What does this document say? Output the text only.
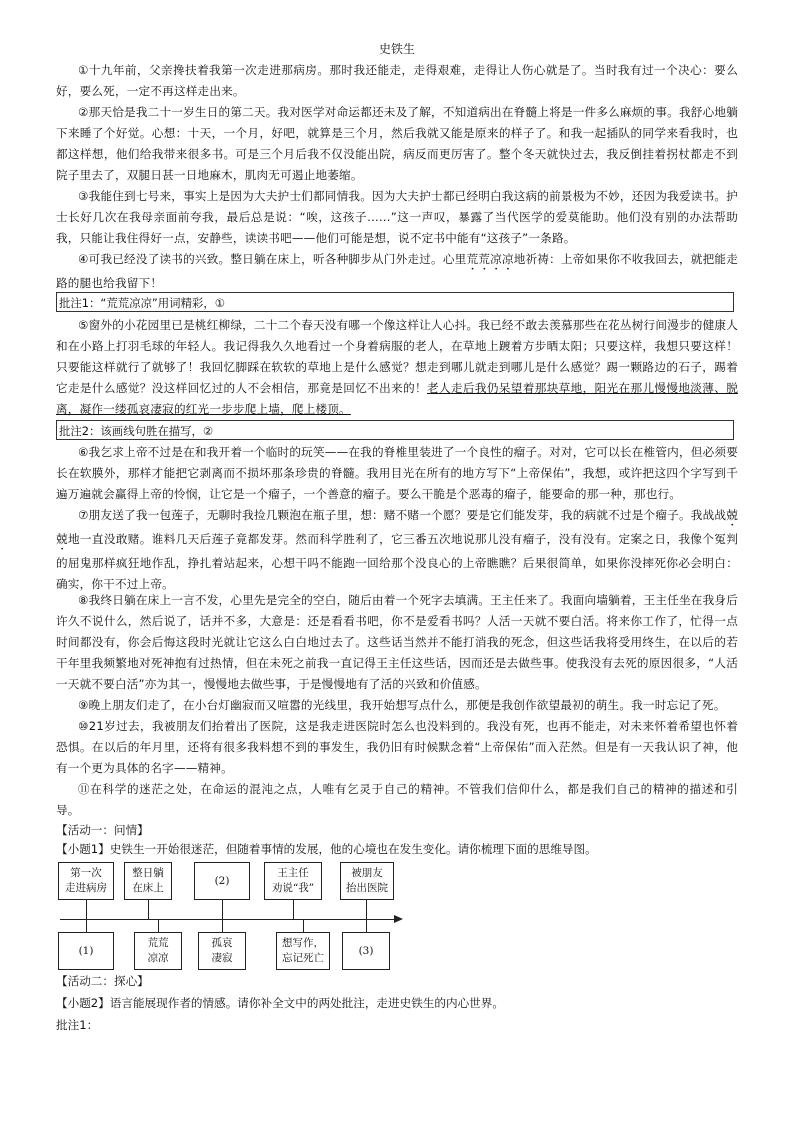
史铁生
①十九年前，父亲搀扶着我第一次走进那病房。那时我还能走，走得艰难，走得让人伤心就是了。当时我有过一个决心：要么好，要么死，一定不再这样走出来。
②那天恰是我二十一岁生日的第二天。我对医学对命运都还未及了解，不知道病出在脊髓上将是一件多么麻烦的事。我舒心地躺下来睡了个好觉。心想：十天，一个月，好吧，就算是三个月，然后我就又能是原来的样子了。和我一起插队的同学来看我时，也都这样想，他们给我带来很多书。可是三个月后我不仅没能出院，病反而更厉害了。整个冬天就快过去，我反倒挂着拐杖都走不到院子里去了，双腿日甚一日地麻木，肌肉无可遏止地萎缩。
③我能住到七号来，事实上是因为大夫护士们都同情我。因为大夫护士都已经明白我这病的前景极为不妙，还因为我爱读书。护士长好几次在我母亲面前夸我，最后总是说：“唉，这孩子……”这一声叹，暴露了当代医学的爱莫能助。他们没有别的办法帮助我，只能让我住得好一点，安静些，读读书吧——他们可能是想，说不定书中能有“这孩子”一条路。
④可我已经没了读书的兴致。整日躺在床上，听各种脚步从门外走过。心里荒荒凉凉地祈祷：上帝如果你不收我回去，就把能走路的腿也给我留下！
批注1：“荒荒凉凉”用词精彩，①
⑤窗外的小花园里已是桃红柳绿，二十二个春天没有哪一个像这样让人心抖。我已经不敢去羡慕那些在花丛树行间漫步的健康人和在小路上打羽毛球的年轻人。我记得我久久地看过一个身着病服的老人，在草地上踱着方步晒太阳；只要这样，我想只要这样！只要能这样就行了就够了！我回忆脚踩在软软的草地上是什么感觉？想走到哪儿就走到哪儿是什么感觉？踢一颗路边的石子，踢着它走是什么感觉？没这样回忆过的人不会相信，那竟是回忆不出来的！老人走后我仍呆望着那块草地，阳光在那儿慢慢地淡薄、脱离，凝作一缕孤哀凄寂的红光一步步爬上墙，爬上楼顶。
批注2：该画线句胜在描写，②
⑥我乞求上帝不过是在和我开着一个临时的玩笑——在我的脊椎里装进了一个良性的瘤子。对对，它可以长在椎管内，但必须要长在软膜外，那样才能把它剥离而不损坏那条珍贵的脊髓。我用目光在所有的地方写下“上帝保佑”，我想，或许把这四个字写到千遍万遍就会赢得上帝的怜悯，让它是一个瘤子，一个善意的瘤子。要么干脆是个恶毒的瘤子，能要命的那一种，那也行。
⑦朋友送了我一包莲子，无聊时我捡几颗泡在瓶子里，想：赌不赌一个愿？要是它们能发芽，我的病就不过是个瘤子。我战战兢兢地一直没敢赌。谁料几天后莲子竟都发芽。然而科学胜利了，它三番五次地说那儿没有瘤子，没有没有。定案之日，我像个冤判的屈鬼那样疯狂地作乱，挣扎着站起来，心想干吗不能跑一回给那个没良心的上帝瞧瞧？后果很简单，如果你没摔死你必会明白：确实，你干不过上帝。
⑧我终日躺在床上一言不发，心里先是完全的空白，随后由着一个死字去填满。王主任来了。我面向墙躺着，王主任坐在我身后许久不说什么，然后说了，话并不多，大意是：还是看看书吧，你不是爱看书吗？人活一天就不要白活。将来你工作了，忙得一点时间都没有，你会后悔这段时光就让它这么白白地过去了。这些话当然并不能打消我的死念，但这些话我将受用终生，在以后的若干年里我频繁地对死神抱有过热情，但在未死之前我一直记得王主任这些话，因而还是去做些事。使我没有去死的原因很多，“人活一天就不要白活”亦为其一，慢慢地去做些事，于是慢慢地有了活的兴致和价值感。
⑨晚上朋友们走了，在小台灯幽寂而又喧嚣的光线里，我开始想写点什么，那便是我创作欲望最初的萌生。我一时忘记了死。
⑩21岁过去，我被朋友们抬着出了医院，这是我走进医院时怎么也没料到的。我没有死，也再不能走，对未来怀着希望也怀着恐惧。在以后的年月里，还将有很多我料想不到的事发生，我仍旧有时候默念着“上帝保佑”而入茫然。但是有一天我认识了神，他有一个更为具体的名字——精神。
⑪在科学的迷茫之处，在命运的混沌之点，人唯有乞灵于自己的精神。不管我们信仰什么，都是我们自己的精神的描述和引导。
【活动一：问情】
【小题1】史铁生一开始很迷茫，但随着事情的发展，他的心境也在发生变化。请你梳理下面的思维导图。
第一次
走进病房
整日躺
在床上
(2)
王主任
劝说“我”
被朋友
抬出医院
(1)
荒荒
凉凉
孤哀
凄寂
想写作，
忘记死亡
(3)
【活动二：探心】
【小题2】语言能展现作者的情感。请你补全文中的两处批注，走进史铁生的内心世界。
批注1：
